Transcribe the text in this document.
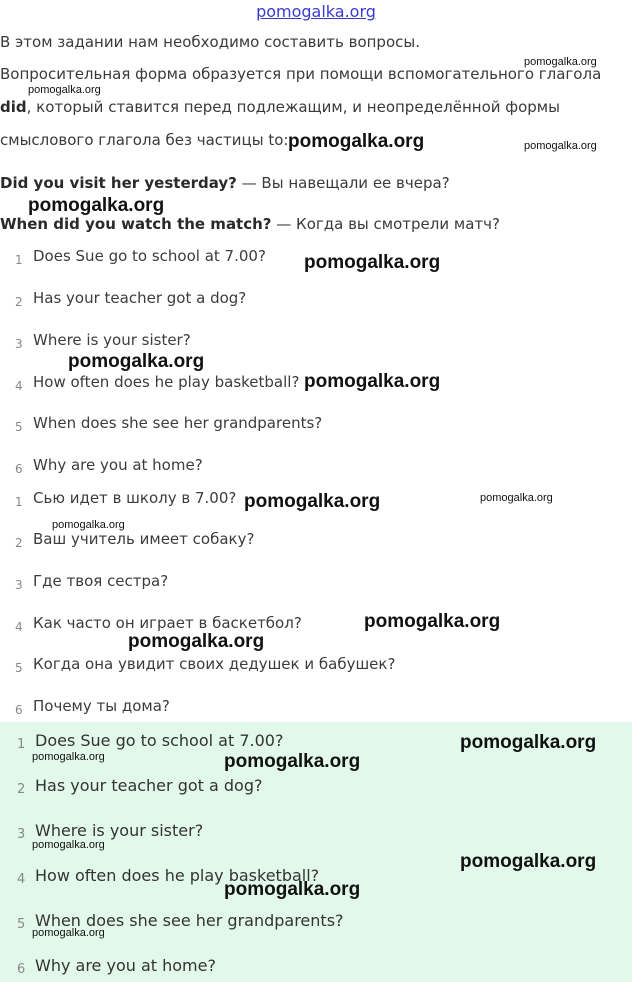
pomogalka.org
В этом задании нам необходимо составить вопросы.
Вопросительная форма образуется при помощи вспомогательного глагола
did, который ставится перед подлежащим, и неопределённой формы
смыслового глагола без частицы to:
Did you visit her yesterday? — Вы навещали ее вчера?
When did you watch the match? — Когда вы смотрели матч?
1 Does Sue go to school at 7.00?
2 Has your teacher got a dog?
3 Where is your sister?
4 How often does he play basketball?
5 When does she see her grandparents?
6 Why are you at home?
1 Сью идет в школу в 7.00?
2 Ваш учитель имеет собаку?
3 Где твоя сестра?
4 Как часто он играет в баскетбол?
5 Когда она увидит своих дедушек и бабушек?
6 Почему ты дома?
1 Does Sue go to school at 7.00?
2 Has your teacher got a dog?
3 Where is your sister?
4 How often does he play basketball?
5 When does she see her grandparents?
6 Why are you at home?
pomogalka.org
pomogalka.org
pomogalka.org	pomogalka.org
pomogalka.org
pomogalka.org
pomogalka.org
pomogalka.org
pomogalka.org	pomogalka.org
pomogalka.org
pomogalka.org
pomogalka.org
pomogalka.org
pomogalka.org	pomogalka.org
pomogalka.org
pomogalka.org
pomogalka.org
pomogalka.org
